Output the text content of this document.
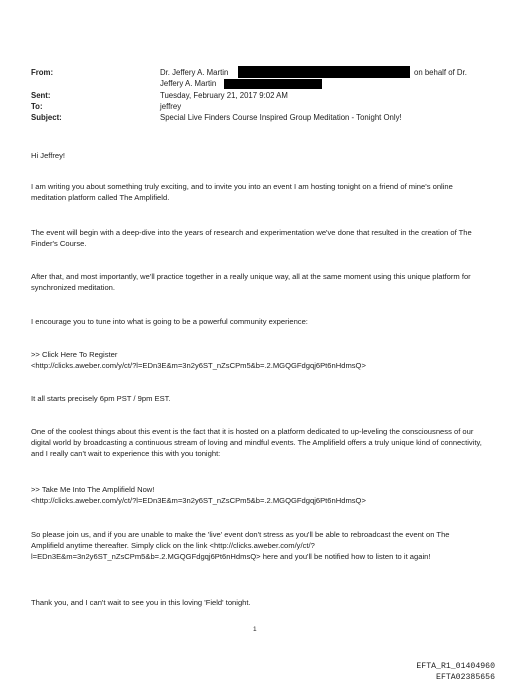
From:	Dr. Jeffery A. Martin	on behalf of Dr.
Jeffery A. Martin
Sent:	Tuesday, February 21, 2017 9:02 AM
To:	jeffrey
Subject:	Special Live Finders Course Inspired Group Meditation - Tonight Only!
Hi Jeffrey!
I am writing you about something truly exciting, and to invite you into an event I am hosting tonight on a friend of mine's online meditation platform called The Amplifield.
The event will begin with a deep-dive into the years of research and experimentation we've done that resulted in the creation of The Finder's Course.
After that, and most importantly, we'll practice together in a really unique way, all at the same moment using this unique platform for synchronized meditation.
I encourage you to tune into what is going to be a powerful community experience:
>> Click Here To Register
<http://clicks.aweber.com/y/ct/?l=EDn3E&m=3n2y6ST_nZsCPm5&b=.2.MGQGFdgqj6Pt6nHdmsQ>
It all starts precisely 6pm PST / 9pm EST.
One of the coolest things about this event is the fact that it is hosted on a platform dedicated to up-leveling the consciousness of our digital world by broadcasting a continuous stream of loving and mindful events. The Amplifield offers a truly unique kind of connectivity, and I really can't wait to experience this with you tonight:
>> Take Me Into The Amplifield Now!
<http://clicks.aweber.com/y/ct/?l=EDn3E&m=3n2y6ST_nZsCPm5&b=.2.MGQGFdgqj6Pt6nHdmsQ>
So please join us, and if you are unable to make the 'live' event don't stress as you'll be able to rebroadcast the event on The Amplifield anytime thereafter. Simply click on the link <http://clicks.aweber.com/y/ct/?l=EDn3E&m=3n2y6ST_nZsCPm5&b=.2.MGQGFdgqj6Pt6nHdmsQ> here and you'll be notified how to listen to it again!
Thank you, and I can't wait to see you in this loving 'Field' tonight.
1
EFTA_R1_01404960
EFTA02385656
